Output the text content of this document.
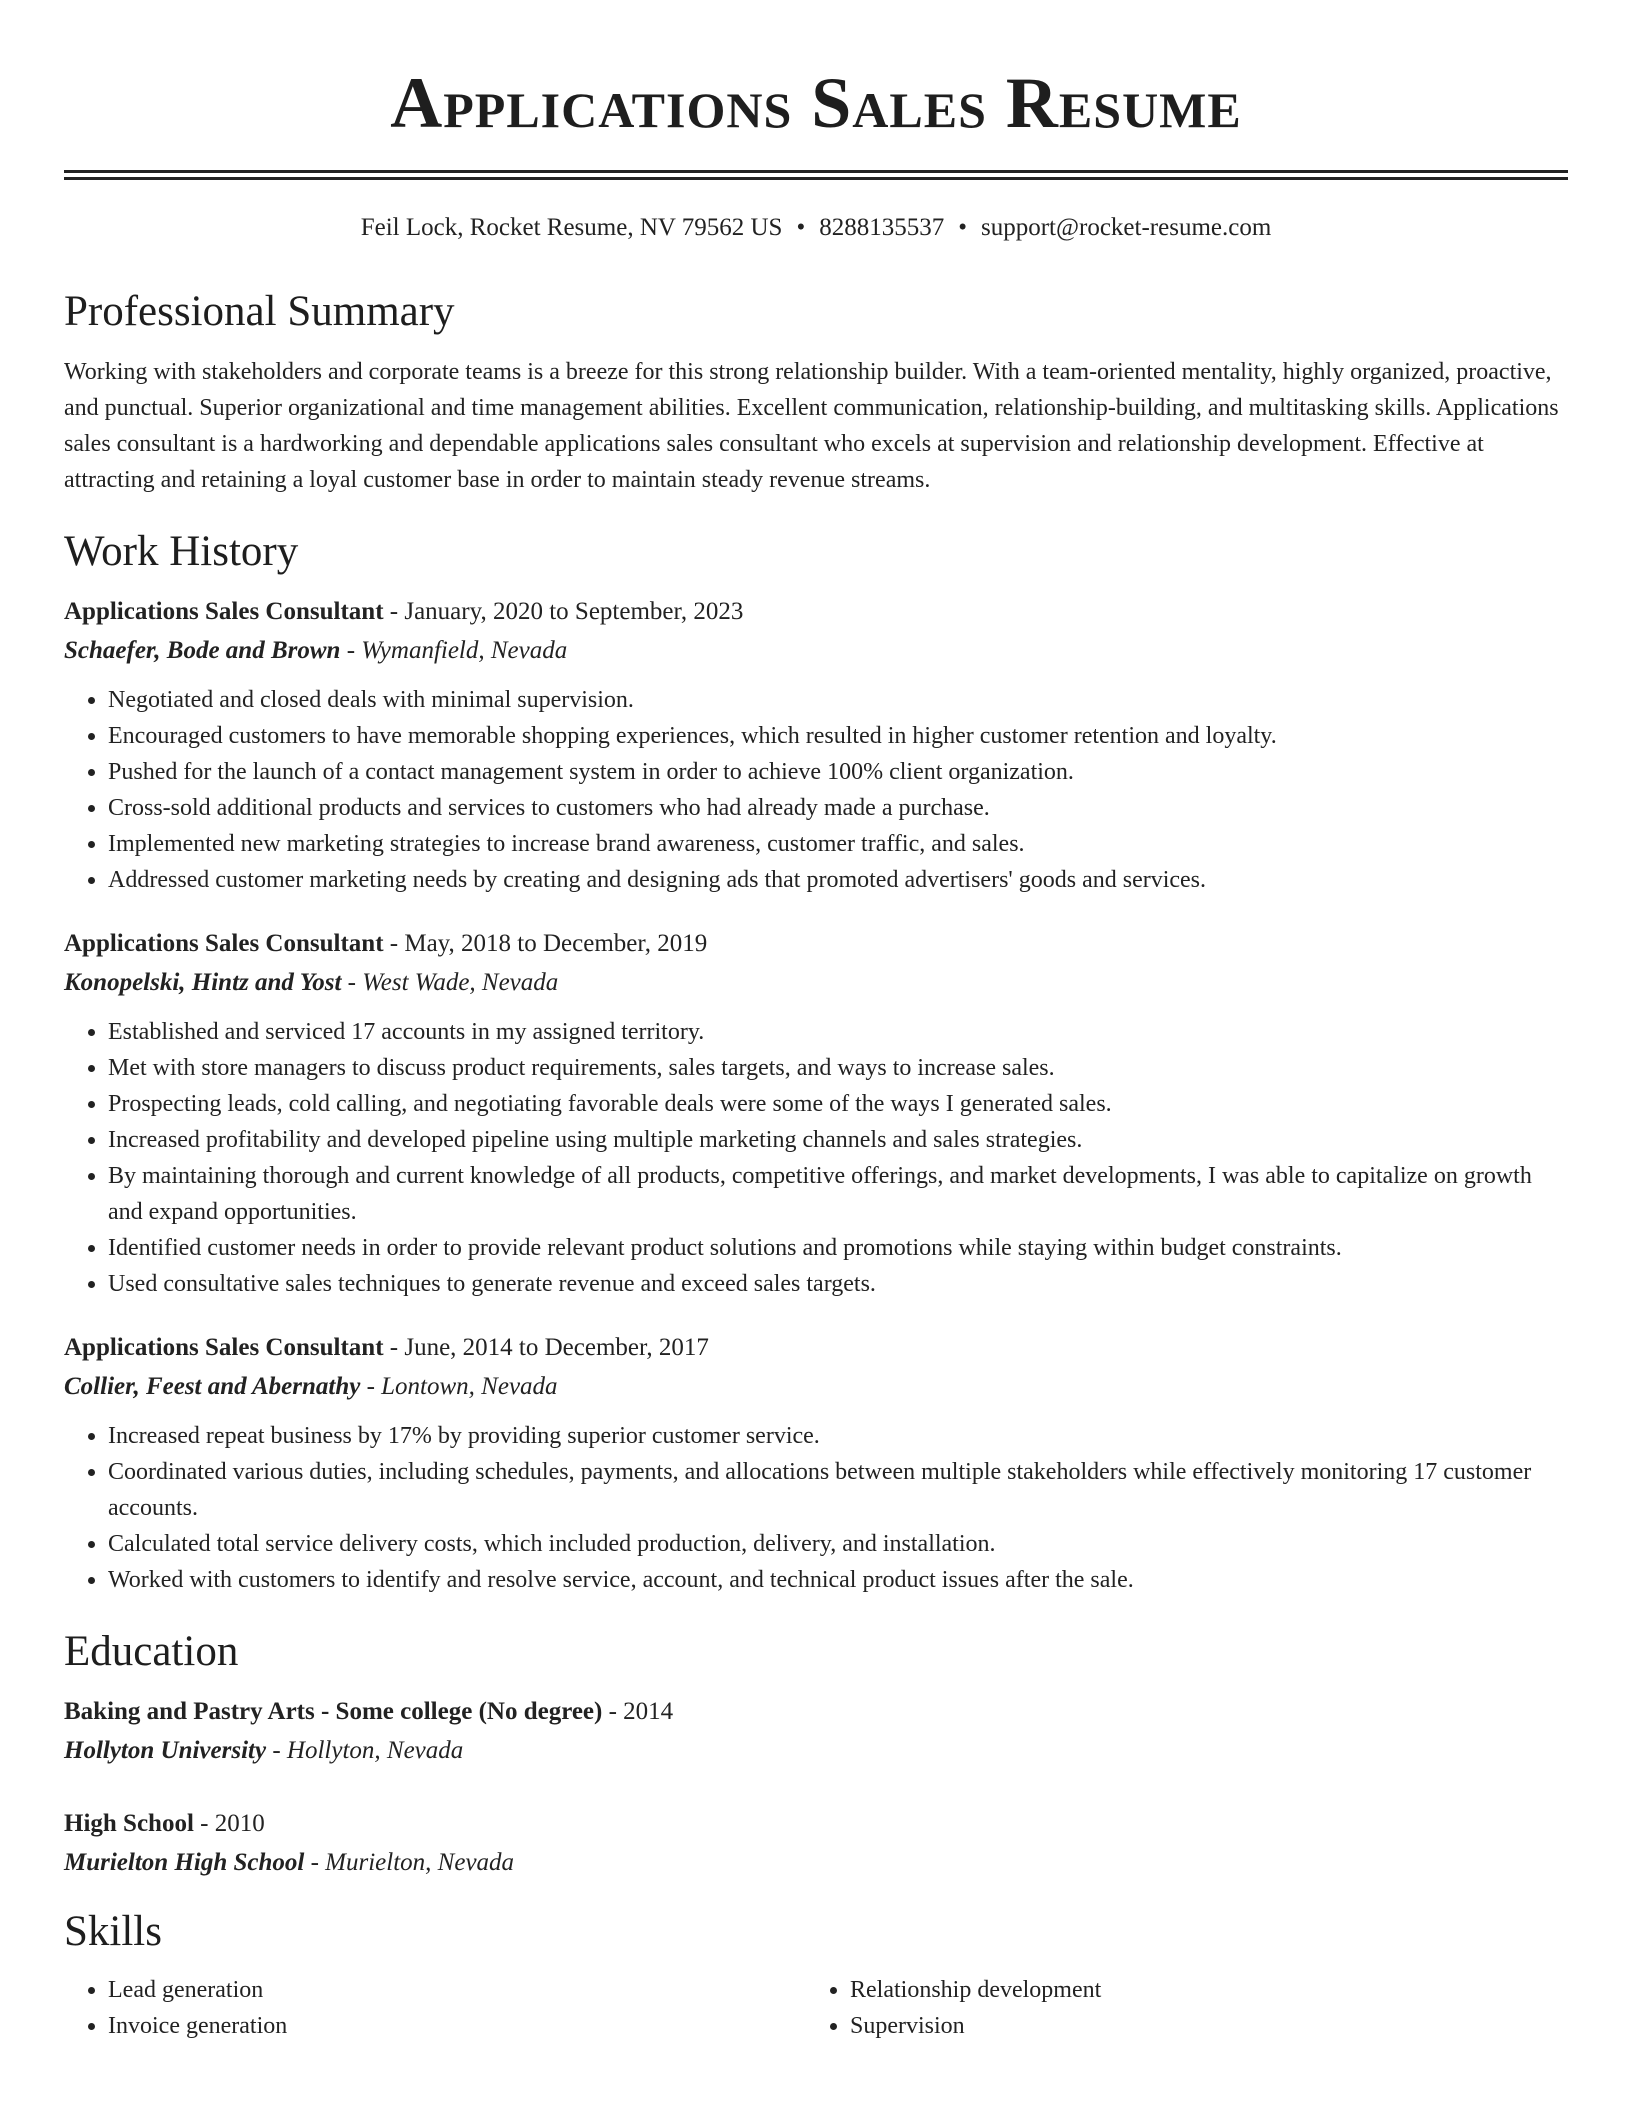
Applications Sales Resume
Feil Lock, Rocket Resume, NV 79562 US • 8288135537 • support@rocket-resume.com
Professional Summary

Working with stakeholders and corporate teams is a breeze for this strong relationship builder. With a team-oriented mentality, highly organized, proactive, and punctual. Superior organizational and time management abilities. Excellent communication, relationship-building, and multitasking skills. Applications sales consultant is a hardworking and dependable applications sales consultant who excels at supervision and relationship development. Effective at attracting and retaining a loyal customer base in order to maintain steady revenue streams.

Work History
Applications Sales Consultant - January, 2020 to September, 2023
Schaefer, Bode and Brown - Wymanfield, Nevada
• Negotiated and closed deals with minimal supervision.
• Encouraged customers to have memorable shopping experiences, which resulted in higher customer retention and loyalty.
• Pushed for the launch of a contact management system in order to achieve 100% client organization.
• Cross-sold additional products and services to customers who had already made a purchase.
• Implemented new marketing strategies to increase brand awareness, customer traffic, and sales.
• Addressed customer marketing needs by creating and designing ads that promoted advertisers' goods and services.
Applications Sales Consultant - May, 2018 to December, 2019
Konopelski, Hintz and Yost - West Wade, Nevada
• Established and serviced 17 accounts in my assigned territory.
• Met with store managers to discuss product requirements, sales targets, and ways to increase sales.
• Prospecting leads, cold calling, and negotiating favorable deals were some of the ways I generated sales.
• Increased profitability and developed pipeline using multiple marketing channels and sales strategies.
• By maintaining thorough and current knowledge of all products, competitive offerings, and market developments, I was able to capitalize on growth and expand opportunities.
• Identified customer needs in order to provide relevant product solutions and promotions while staying within budget constraints.
• Used consultative sales techniques to generate revenue and exceed sales targets.
Applications Sales Consultant - June, 2014 to December, 2017
Collier, Feest and Abernathy - Lontown, Nevada
• Increased repeat business by 17% by providing superior customer service.
• Coordinated various duties, including schedules, payments, and allocations between multiple stakeholders while effectively monitoring 17 customer accounts.
• Calculated total service delivery costs, which included production, delivery, and installation.
• Worked with customers to identify and resolve service, account, and technical product issues after the sale.
Education
Baking and Pastry Arts - Some college (No degree) - 2014
Hollyton University - Hollyton, Nevada
High School - 2010
Murielton High School - Murielton, Nevada
Skills
• Lead generation
• Invoice generation
• Relationship development
• Supervision
